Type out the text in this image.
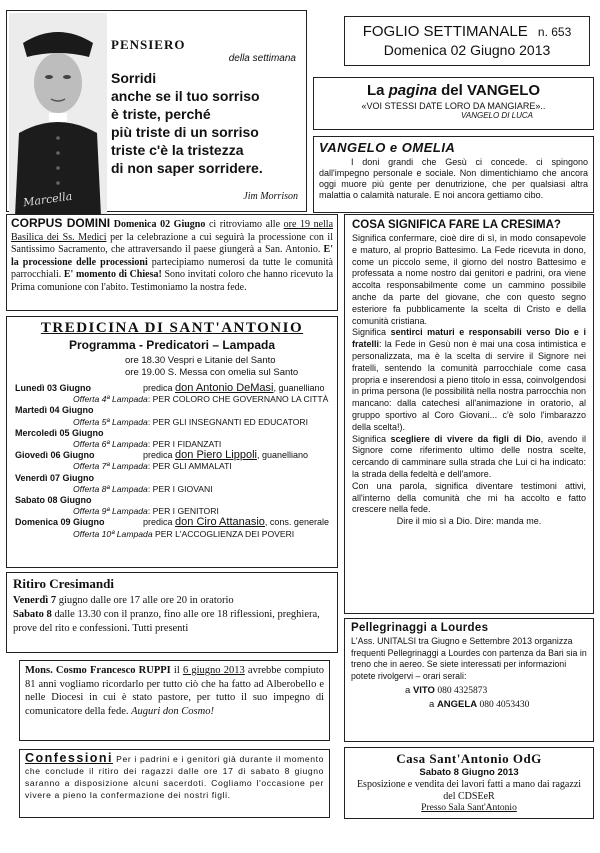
Marcella
PENSIERO
della settimana
Sorridi
anche se il tuo sorriso
è triste, perché
più triste di un sorriso
triste c'è la tristezza
di non saper sorridere.
Jim Morrison
FOGLIO SETTIMANALE n. 653
Domenica 02 Giugno 2013
La pagina del VANGELO
«VOI STESSI DATE LORO DA MANGIARE»..
VANGELO DI LUCA
VANGELO e OMELIA

I doni grandi che Gesù ci concede. ci spingono dall'impegno personale e sociale. Non dimentichiamo che ancora oggi muore più gente per denutrizione, che per qualsiasi altra malattia o calamità naturale. E noi ancora gettiamo cibo.

CORPUS DOMINI Domenica 02 Giugno ci ritroviamo alle ore 19 nella Basilica dei Ss. Medici per la celebrazione a cui seguirà la processione con il Santissimo Sacramento, che attraversando il paese giungerà a San. Antonio. E' la processione delle processioni partecipiamo numerosi da tutte le comunità parrocchiali. E' momento di Chiesa! Sono invitati coloro che hanno ricevuto la Prima comunione con l'abito. Testimoniamo la nostra fede.

TREDICINA DI SANT'ANTONIO
Programma - Predicatori – Lampada
ore 18.30 Vespri e Litanie del Santo
ore 19.00 S. Messa con omelia sul Santo
Lunedì 03 Giugno	predica don Antonio DeMasi, guanelliano
Offerta 4ª Lampada: PER COLORO CHE GOVERNANO LA CITTÀ
Martedì 04 Giugno
Offerta 5ª Lampada: PER GLI INSEGNANTI ED EDUCATORI
Mercoledì 05 Giugno
Offerta 6ª Lampada: PER I FIDANZATI
Giovedì 06 Giugno	predica don Piero Lippoli, guanelliano
Offerta 7ª Lampada: PER GLI AMMALATI
Venerdì 07 Giugno
Offerta 8ª Lampada: PER I GIOVANI
Sabato 08 Giugno
Offerta 9ª Lampada: PER I GENITORI
Domenica 09 Giugno	predica don Ciro Attanasio, cons. generale
Offerta 10ª Lampada PER L'ACCOGLIENZA DEI POVERI
Ritiro Cresimandi

Venerdì 7 giugno dalle ore 17 alle ore 20 in oratorio
Sabato 8 dalle 13.30 con il pranzo, fino alle ore 18 riflessioni, preghiera, prove del rito e confessioni. Tutti presenti

Mons. Cosmo Francesco RUPPI il 6 giugno 2013 avrebbe compiuto 81 anni vogliamo ricordarlo per tutto ciò che ha fatto ad Alberobello e nelle Diocesi in cui è stato pastore, per tutto il suo impegno di comunicatore della fede. Auguri don Cosmo!

Confessioni Per i padrini e i genitori già durante il momento che conclude il ritiro dei ragazzi dalle ore 17 di sabato 8 giugno saranno a disposizione alcuni sacerdoti. Cogliamo l'occasione per vivere a pieno la confermazione dei nostri figli.

COSA SIGNIFICA FARE LA CRESIMA?

Significa confermare, cioè dire di sì, in modo consapevole e maturo, al proprio Battesimo. La Fede ricevuta in dono, come un piccolo seme, il giorno del nostro Battesimo e professata a nome nostro dai genitori e padrini, ora viene accolta responsabilmente come un cammino possibile anche da parte del giovane, che con questo segno esteriore fa pubblicamente la scelta di Cristo e della comunità cristiana.

Significa sentirci maturi e responsabili verso Dio e i fratelli: la Fede in Gesù non è mai una cosa intimistica e personalizzata, ma è la scelta di servire il Signore nei fratelli, sentendo la comunità parrocchiale come casa propria e inserendosi a pieno titolo in essa, coinvolgendosi in prima persona (le possibilità nella nostra parrocchia non mancano: dalla catechesi all'animazione in oratorio, al gruppo sportivo al Coro Giovani... c'è solo l'imbarazzo della scelta!).

Significa scegliere di vivere da figli di Dio, avendo il Signore come riferimento ultimo delle nostra scelte, cercando di camminare sulla strada che Lui ci ha indicato: la strada della fedeltà e dell'amore.

Con una parola, significa diventare testimoni attivi, all'interno della comunità che mi ha accolto e fatto crescere nella fede.

Dire il mio sì a Dio. Dire: manda me.

Pellegrinaggi a Lourdes

L'Ass. UNITALSI tra Giugno e Settembre 2013 organizza frequenti Pellegrinaggi a Lourdes con partenza da Bari sia in treno che in aereo. Se siete interessati per informazioni potete rivolgervi – orari serali:

a VITO 080 4325873
a ANGELA 080 4053430
Casa Sant'Antonio OdG
Sabato 8 Giugno 2013

Esposizione e vendita dei lavori fatti a mano dai ragazzi del CDSEeR

Presso Sala Sant'Antonio
